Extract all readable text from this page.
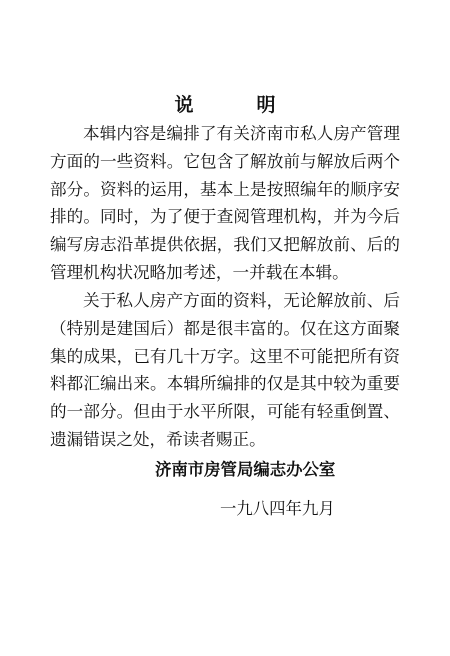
说　明

本辑内容是编排了有关济南市私人房产管理方面的一些资料。它包含了解放前与解放后两个部分。资料的运用，基本上是按照编年的顺序安排的。同时，为了便于查阅管理机构，并为今后编写房志沿革提供依据，我们又把解放前、后的管理机构状况略加考述，一并载在本辑。

关于私人房产方面的资料，无论解放前、后（特别是建国后）都是很丰富的。仅在这方面聚集的成果，已有几十万字。这里不可能把所有资料都汇编出来。本辑所编排的仅是其中较为重要的一部分。但由于水平所限，可能有轻重倒置、遗漏错误之处，希读者赐正。

济南市房管局编志办公室

一九八四年九月
